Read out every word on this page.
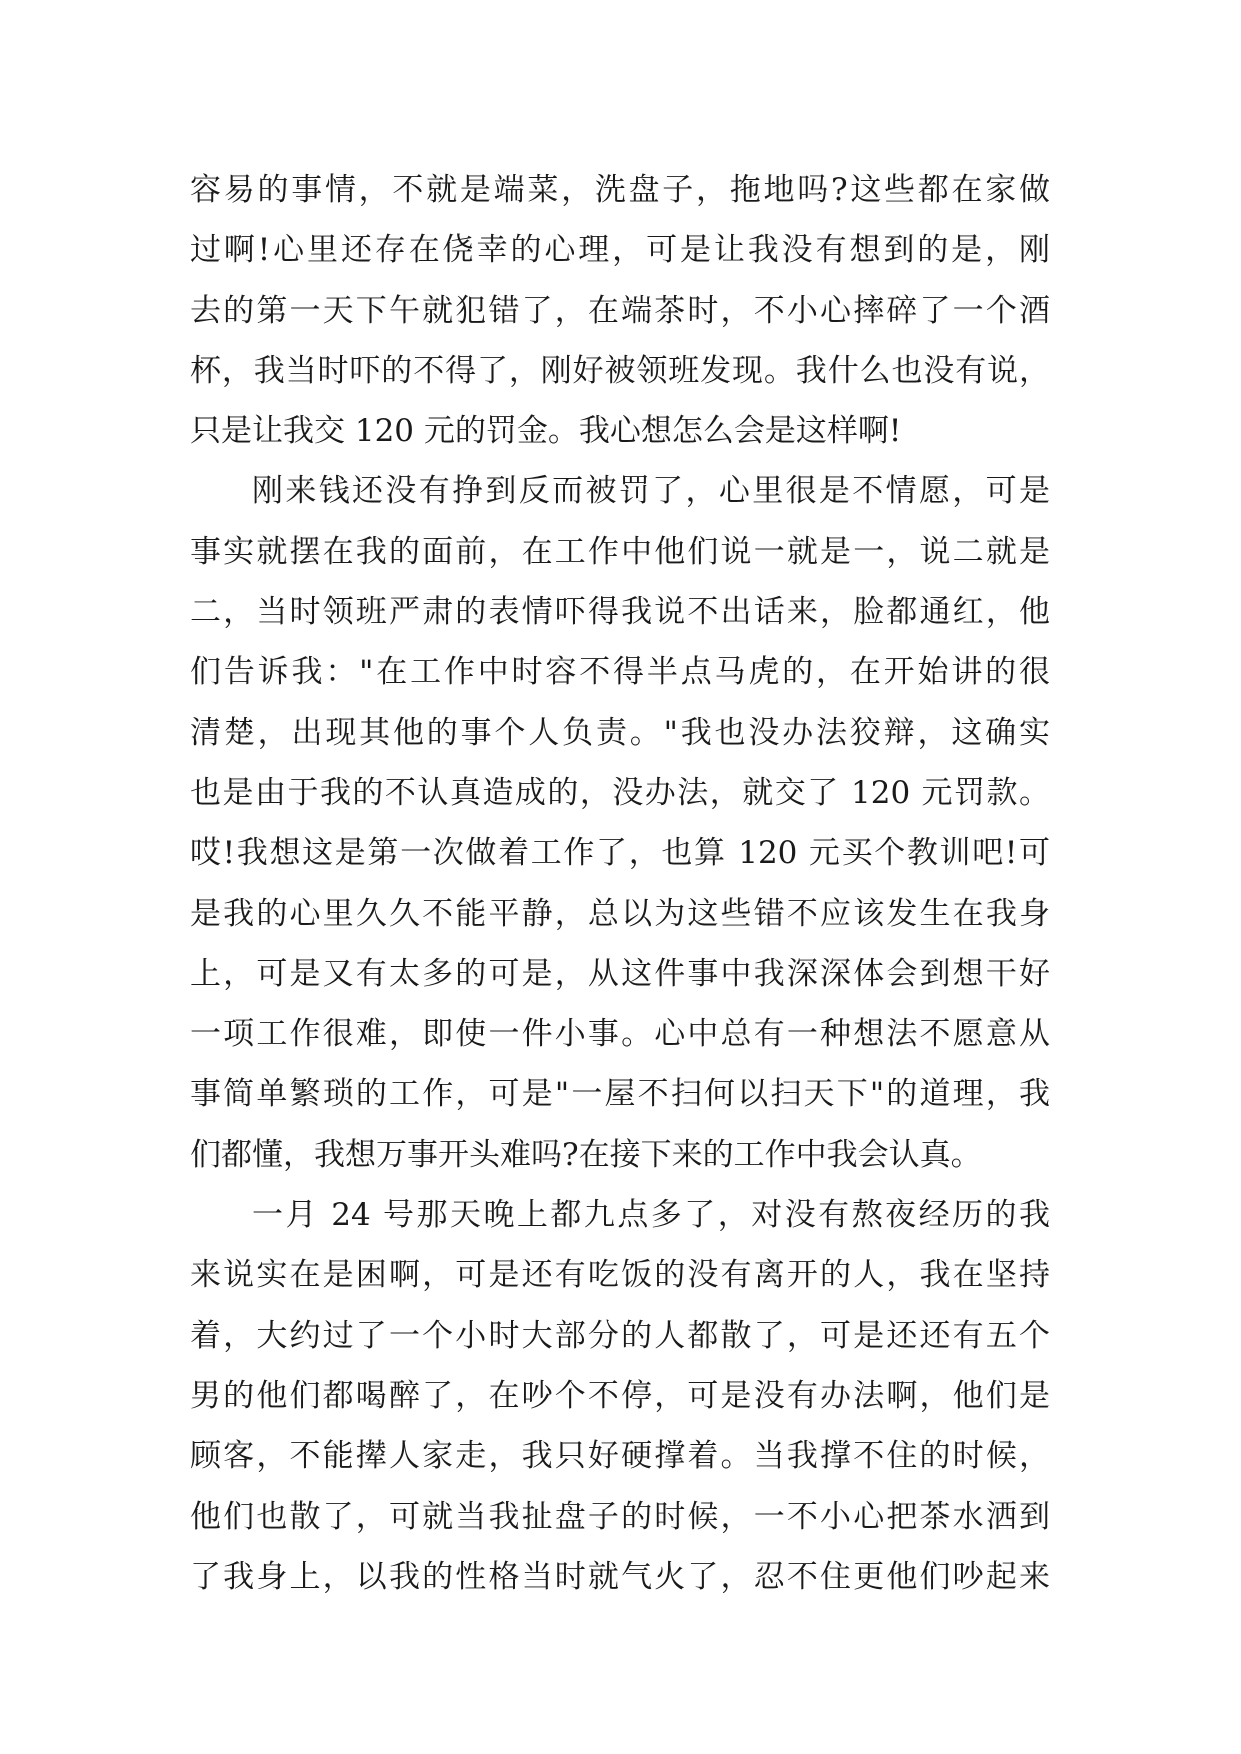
容易的事情，不就是端菜，洗盘子，拖地吗?这些都在家做
过啊!心里还存在侥幸的心理，可是让我没有想到的是，刚
去的第一天下午就犯错了，在端茶时，不小心摔碎了一个酒
杯，我当时吓的不得了，刚好被领班发现。我什么也没有说，
只是让我交 120 元的罚金。我心想怎么会是这样啊!
刚来钱还没有挣到反而被罚了，心里很是不情愿，可是
事实就摆在我的面前，在工作中他们说一就是一，说二就是
二，当时领班严肃的表情吓得我说不出话来，脸都通红，他
们告诉我："在工作中时容不得半点马虎的，在开始讲的很
清楚，出现其他的事个人负责。"我也没办法狡辩，这确实
也是由于我的不认真造成的，没办法，就交了 120 元罚款。
哎!我想这是第一次做着工作了，也算 120 元买个教训吧!可
是我的心里久久不能平静，总以为这些错不应该发生在我身
上，可是又有太多的可是，从这件事中我深深体会到想干好
一项工作很难，即使一件小事。心中总有一种想法不愿意从
事简单繁琐的工作，可是"一屋不扫何以扫天下"的道理，我
们都懂，我想万事开头难吗?在接下来的工作中我会认真。
一月 24 号那天晚上都九点多了，对没有熬夜经历的我
来说实在是困啊，可是还有吃饭的没有离开的人，我在坚持
着，大约过了一个小时大部分的人都散了，可是还还有五个
男的他们都喝醉了，在吵个不停，可是没有办法啊，他们是
顾客，不能撵人家走，我只好硬撑着。当我撑不住的时候，
他们也散了，可就当我扯盘子的时候，一不小心把茶水洒到
了我身上，以我的性格当时就气火了，忍不住更他们吵起来
